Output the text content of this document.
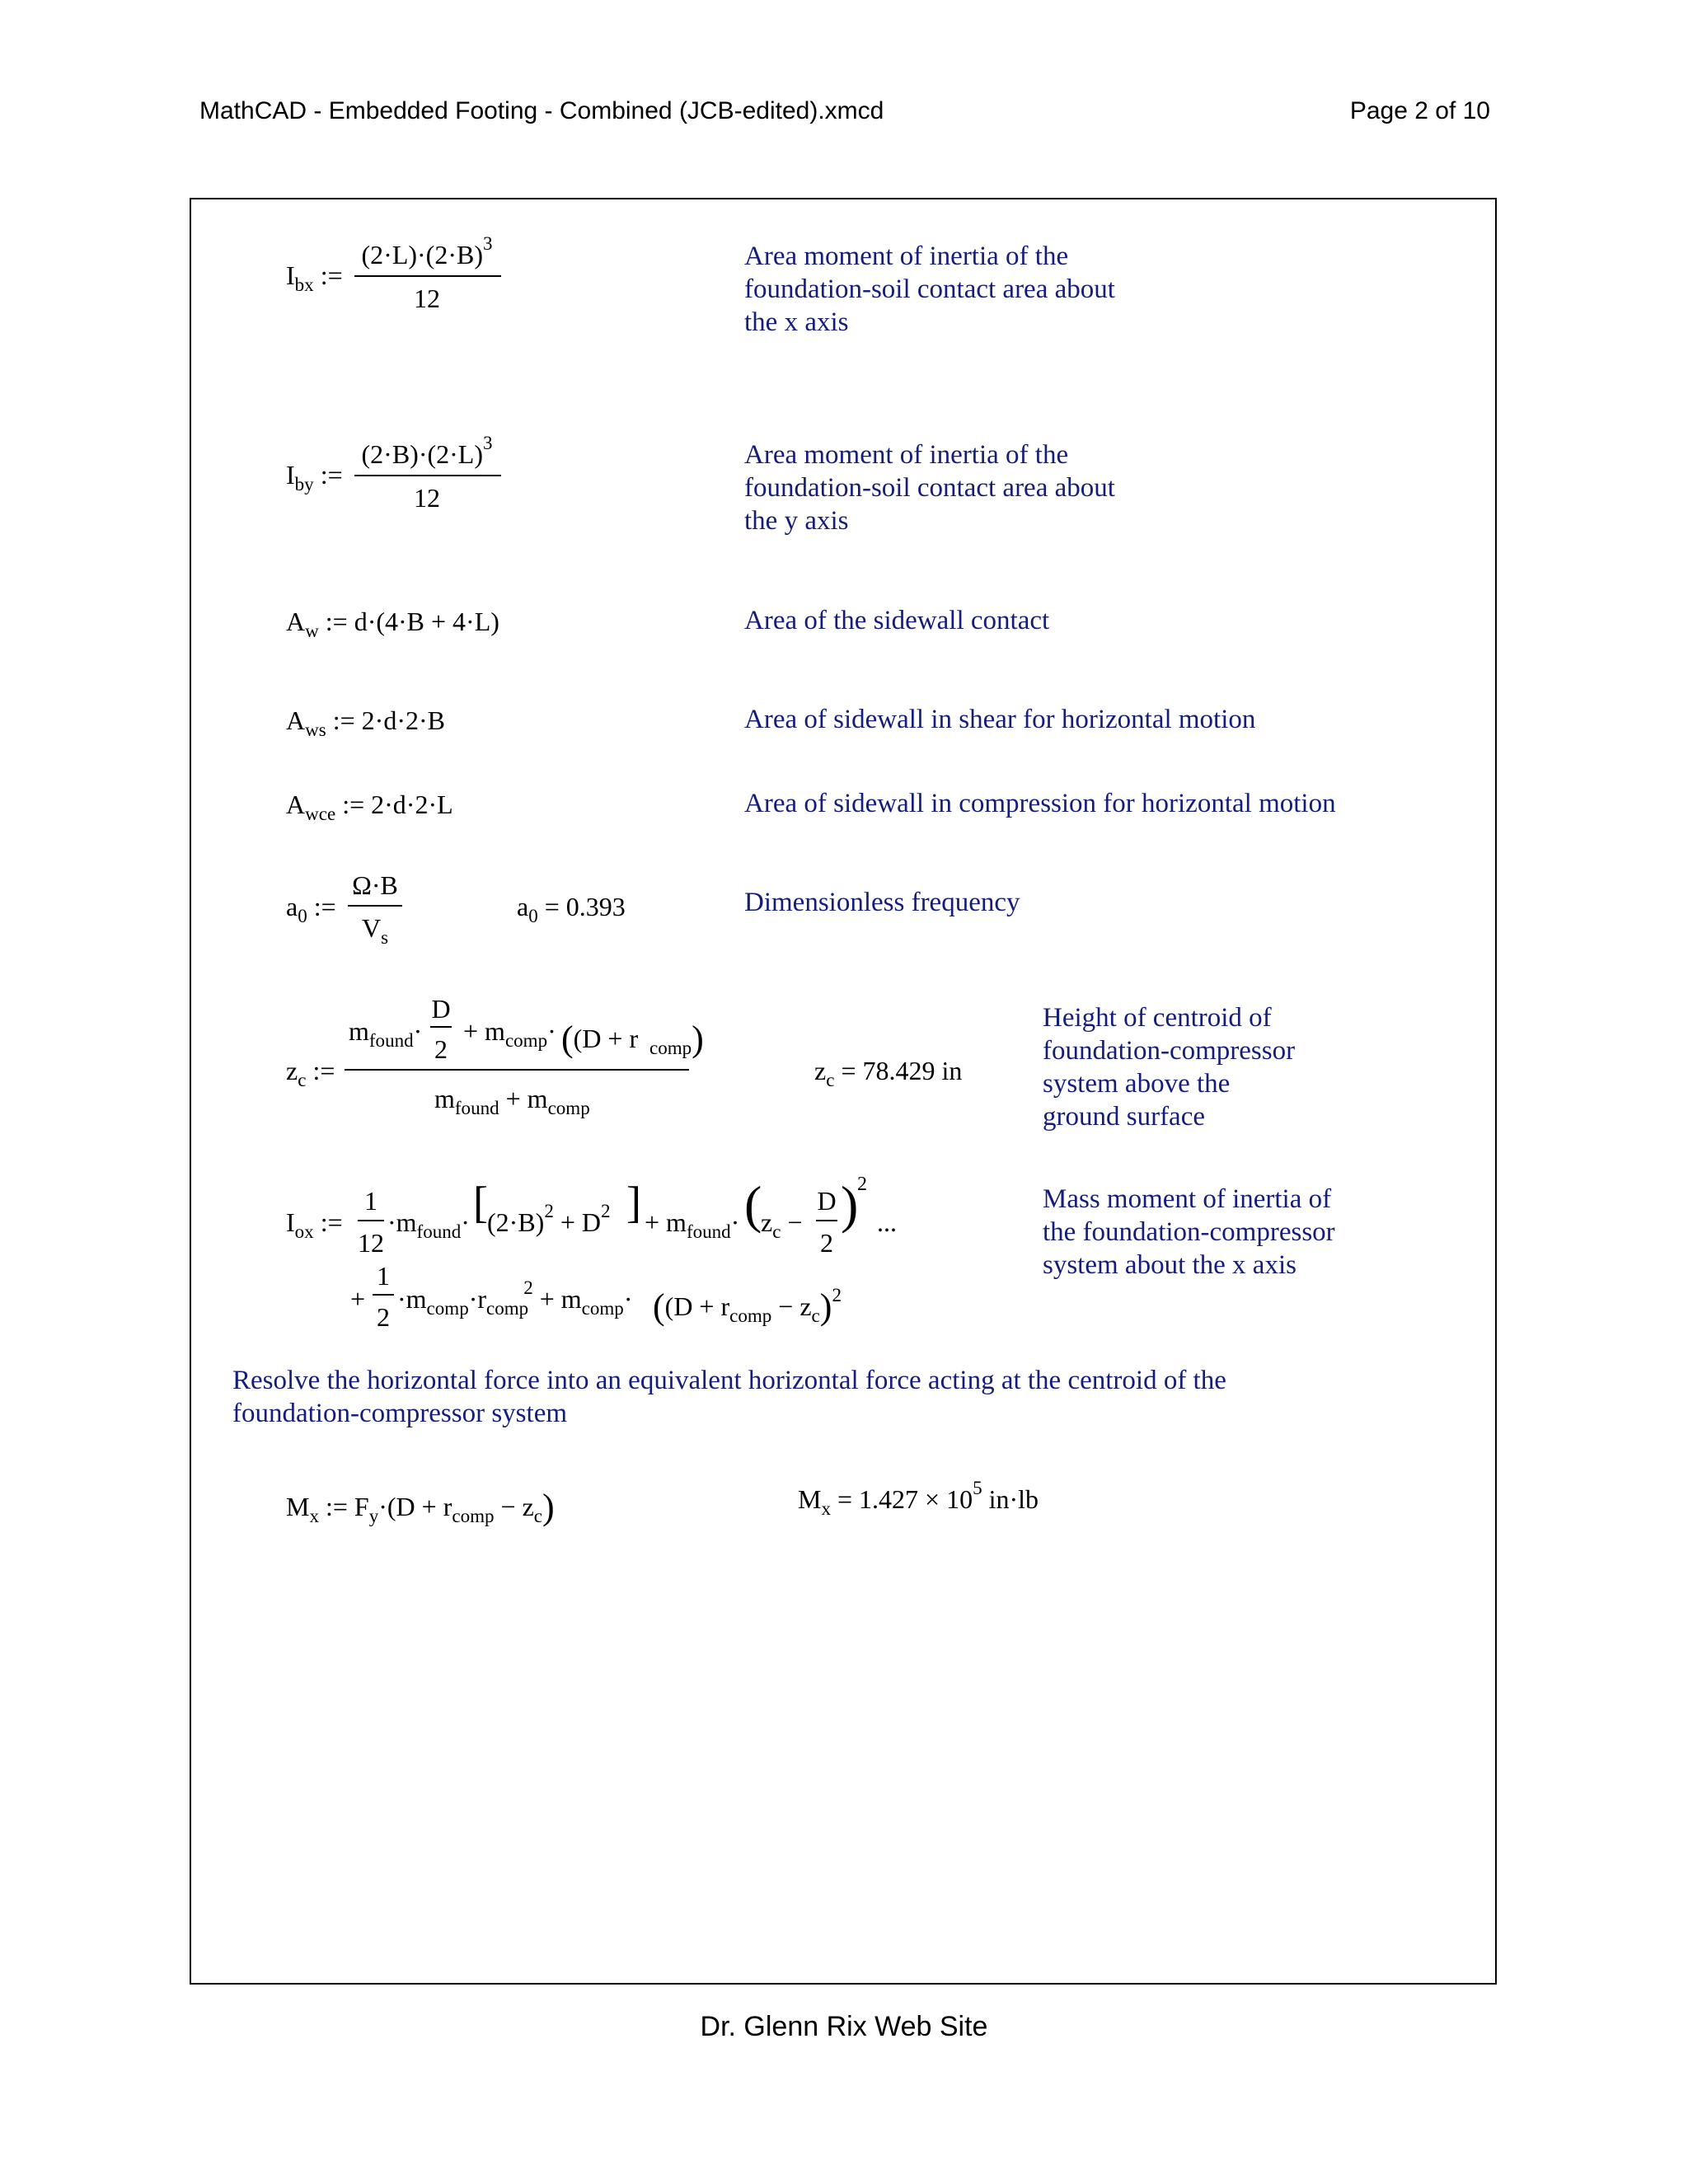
MathCAD - Embedded Footing - Combined (JCB-edited).xmcd	Page 2 of 10
$I_{bx}$ :=
$(2\cdot L)\cdot(2\cdot B)^3$
12
Area moment of inertia of the
foundation-soil contact area about
the x axis
$I_{by}$ :=
$(2\cdot B)\cdot(2\cdot L)^3$
12
Area moment of inertia of the
foundation-soil contact area about
the y axis
$A_w$ := d·(4·B + 4·L)	Area of the sidewall contact
$A_{ws}$ := 2·d·2·B	Area of sidewall in shear for horizontal motion
$A_{wce}$ := 2·d·2·L	Area of sidewall in compression for horizontal motion
$a_0$ :=
Ω·B
$V_s$
$a_0 = 0.393$	Dimensionless frequency
$z_c$ :=
$m_{found}\cdot$
D
2
+ $m_{comp}\cdot ((D + r$ $_{comp}$)
$m_{found} + m_{comp}$
$z_c = 78.429$ in
Height of centroid of
foundation-compressor
system above the
ground surface
$I_{ox}$ :=
1
12
$\cdot m_{found}\cdot$ [ $(2\cdot B)^2 + D^2$ ] + $m_{found}\cdot$ (
$z_c$ −
D
2
)
2
...
+
1
2
$\cdot m_{comp}\cdot r_{comp}^2 + m_{comp}\cdot ((D + r_{comp} - z_c)^2$
Mass moment of inertia of
the foundation-compressor
system about the x axis
Resolve the horizontal force into an equivalent horizontal force acting at the centroid of the
foundation-compressor system
$M_x$ := $F_y\cdot(D + r_{comp} - z_c)$	$M_x = 1.427 \times 10^5$ in·lb
Dr. Glenn Rix Web Site
